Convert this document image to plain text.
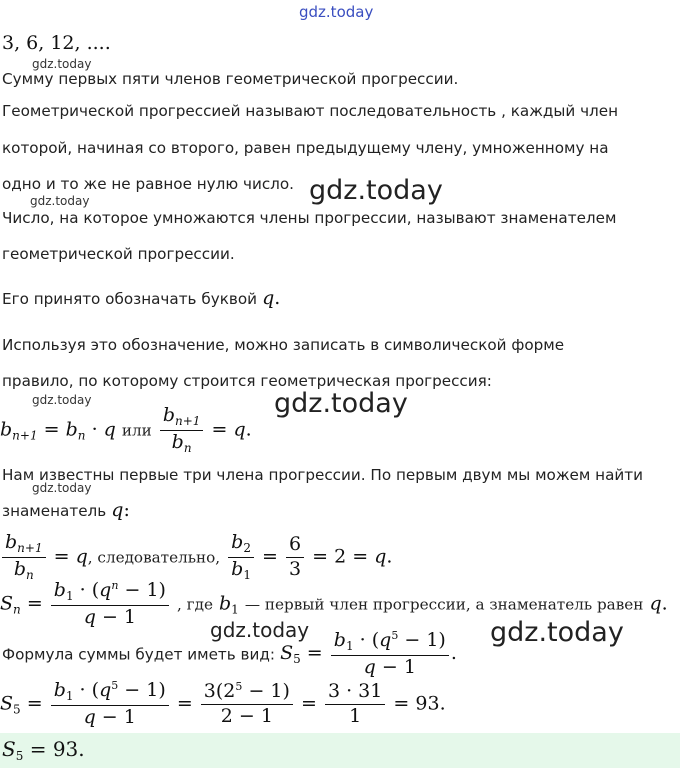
gdz.today
gdz.today
gdz.today	gdz.today
gdz.today	gdz.today
gdz.today
gdz.today	gdz.today
3, 6, 12, ....
Сумму первых пяти членов геометрической прогрессии.
Геометрической прогрессией называют последовательность , каждый член
которой, начиная со второго, равен предыдущему члену, умноженному на
одно и то же не равное нулю число.
Число, на которое умножаются члены прогрессии, называют знаменателем
геометрической прогрессии.
Его принято обозначать буквой q.
Используя это обозначение, можно записать в символической форме
правило, по которому строится геометрическая прогрессия:
$b_{n+1} = b_n \cdot q$ или $\frac{b_{n+1}}{b_n} = q$.
Нам известны первые три члена прогрессии. По первым двум мы можем найти
знаменатель q:
$\frac{b_{n+1}}{b_n} = q$, следовательно, $\frac{b_2}{b_1} = \frac{6}{3} = 2 = q$.
$S_n = \frac{b_1 \cdot (q^n - 1)}{q - 1}$ , где $b_1$ — первый член прогрессии, а знаменатель равен q.
Формула суммы будет иметь вид: $S_5 = \frac{b_1 \cdot (q^5 - 1)}{q - 1}$ .
$S_5 = \frac{b_1 \cdot (q^5 - 1)}{q - 1} = \frac{3(2^5 - 1)}{2 - 1} = \frac{3 \cdot 31}{1} = 93$.
$S_5 = 93$.
